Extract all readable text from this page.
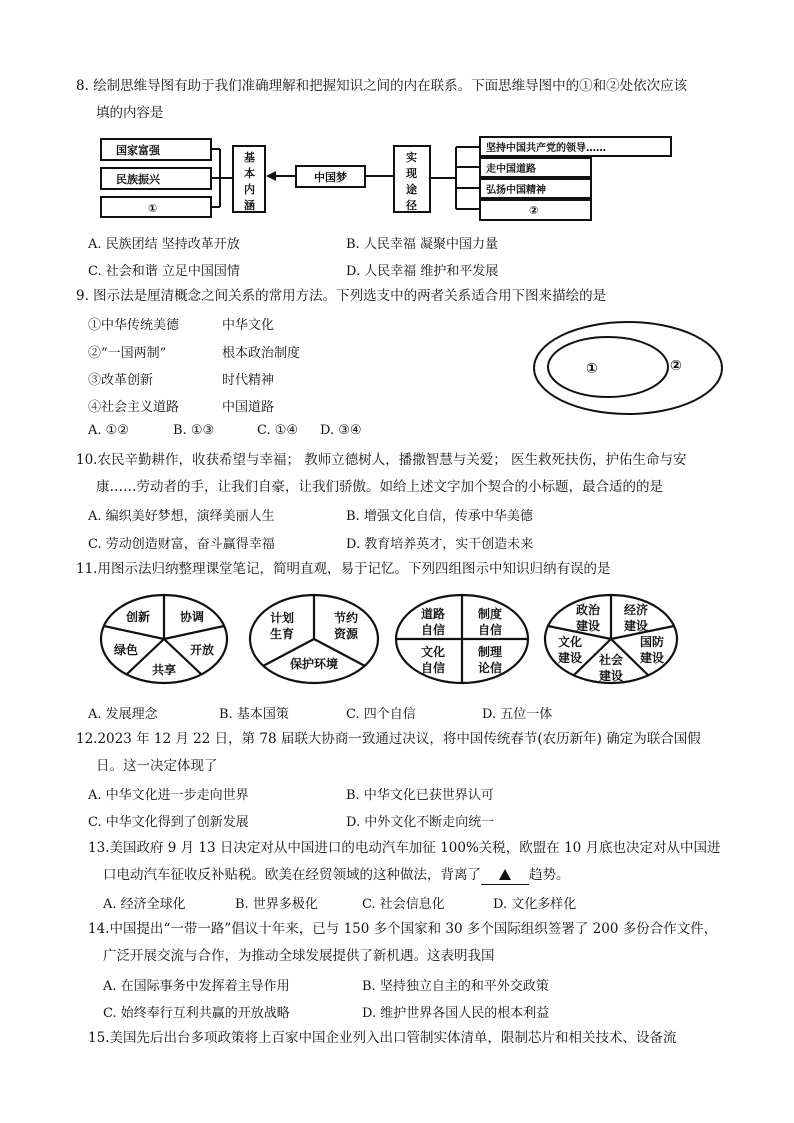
8. 绘制思维导图有助于我们准确理解和把握知识之间的内在联系。下面思维导图中的①和②处依次应该
填的内容是
国家富强
民族振兴
①
基
本
内
涵
中国梦
实
现
途
径
坚持中国共产党的领导……
走中国道路
弘扬中国精神
②
A. 民族团结 坚持改革开放	B. 人民幸福 凝聚中国力量
C. 社会和谐 立足中国国情	D. 人民幸福 维护和平发展
9. 图示法是厘清概念之间关系的常用方法。下列选支中的两者关系适合用下图来描绘的是
①中华传统美德	中华文化
②“一国两制”	根本政治制度
③改革创新	时代精神
④社会主义道路	中国道路
①	②
A. ①②	B. ①③	C. ①④ D. ③④
10.农民辛勤耕作，收获希望与幸福； 教师立德树人，播撒智慧与关爱； 医生救死扶伤，护佑生命与安
康……劳动者的手，让我们自豪，让我们骄傲。如给上述文字加个契合的小标题，最合适的的是
A. 编织美好梦想，演绎美丽人生	B. 增强文化自信，传承中华美德
C. 劳动创造财富，奋斗赢得幸福	D. 教育培养英才，实干创造未来
11.用图示法归纳整理课堂笔记，简明直观，易于记忆。下列四组图示中知识归纳有误的是
创新 协调
开放
共享
绿色
计划
生育
节约
资源
保护环境
道路
自信
制度
自信
文化
自信
制理
论信
政治
建设
经济
建设
国防
建设
社会
建设
文化
建设
A. 发展理念	B. 基本国策	C. 四个自信	D. 五位一体
12.2023 年 12 月 22 日，第 78 届联大协商一致通过决议，将中国传统春节(农历新年) 确定为联合国假
日。这一决定体现了
A. 中华文化进一步走向世界	B. 中华文化已获世界认可
C. 中华文化得到了创新发展	D. 中外文化不断走向统一
13.美国政府 9 月 13 日决定对从中国进口的电动汽车加征 100%关税，欧盟在 10 月底也决定对从中国进
口电动汽车征收反补贴税。欧美在经贸领域的这种做法，背离了	趋势。
A. 经济全球化	B. 世界多极化	C. 社会信息化	D. 文化多样化
14.中国提出“一带一路”倡议十年来，已与 150 多个国家和 30 多个国际组织签署了 200 多份合作文件，
广泛开展交流与合作，为推动全球发展提供了新机遇。这表明我国
A. 在国际事务中发挥着主导作用	B. 坚持独立自主的和平外交政策
C. 始终奉行互利共赢的开放战略	D. 维护世界各国人民的根本利益
15.美国先后出台多项政策将上百家中国企业列入出口管制实体清单，限制芯片和相关技术、设备流
